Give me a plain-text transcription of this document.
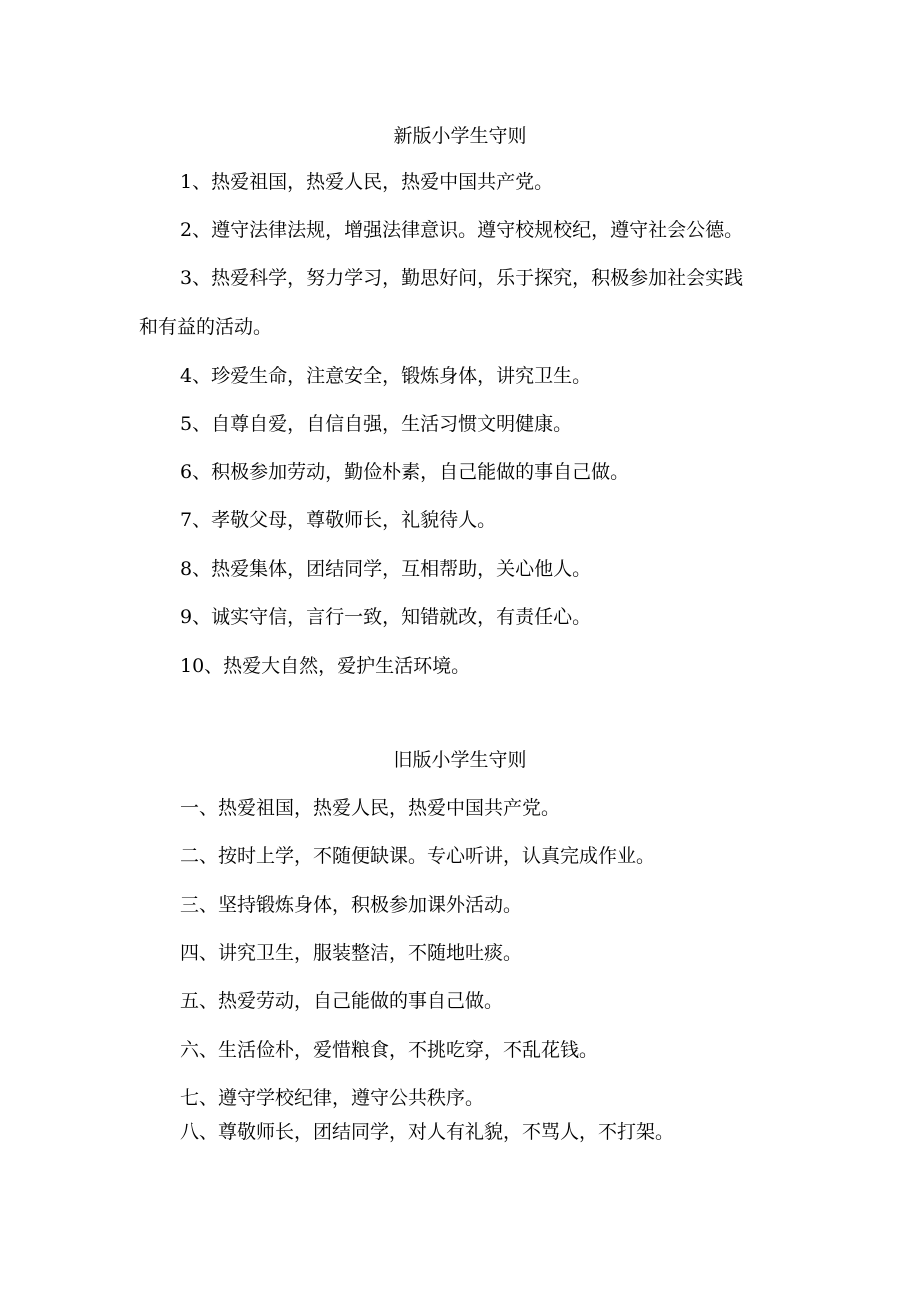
新版小学生守则
1、热爱祖国，热爱人民，热爱中国共产党。
2、遵守法律法规，增强法律意识。遵守校规校纪，遵守社会公德。
3、热爱科学，努力学习，勤思好问，乐于探究，积极参加社会实践
和有益的活动。
4、珍爱生命，注意安全，锻炼身体，讲究卫生。
5、自尊自爱，自信自强，生活习惯文明健康。
6、积极参加劳动，勤俭朴素，自己能做的事自己做。
7、孝敬父母，尊敬师长，礼貌待人。
8、热爱集体，团结同学，互相帮助，关心他人。
9、诚实守信，言行一致，知错就改，有责任心。
10、热爱大自然，爱护生活环境。
旧版小学生守则
一、热爱祖国，热爱人民，热爱中国共产党。
二、按时上学，不随便缺课。专心听讲，认真完成作业。
三、坚持锻炼身体，积极参加课外活动。
四、讲究卫生，服装整洁，不随地吐痰。
五、热爱劳动，自己能做的事自己做。
六、生活俭朴，爱惜粮食，不挑吃穿，不乱花钱。
七、遵守学校纪律，遵守公共秩序。
八、尊敬师长，团结同学，对人有礼貌，不骂人，不打架。
